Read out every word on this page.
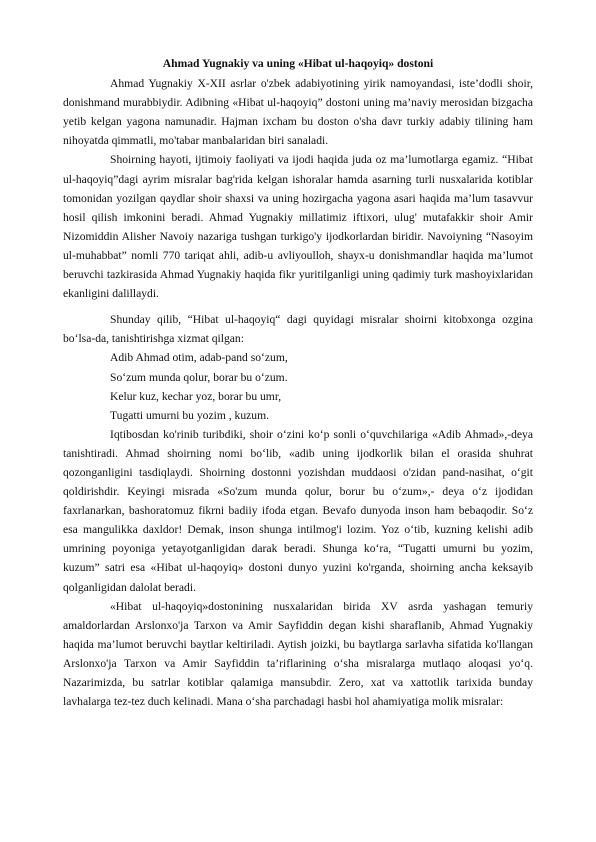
Ahmad Yugnakiy va uning «Hibat ul-haqoyiq» dostoni

Ahmad Yugnakiy X-XII asrlar o'zbek adabiyotining yirik namoyandasi, iste’dodli shoir, donishmand murabbiydir. Adibning «Hibat ul-haqoyiq” dostoni uning ma’naviy merosidan bizgacha yetib kelgan yagona namunadir. Hajman ixcham bu doston o'sha davr turkiy adabiy tilining ham nihoyatda qimmatli, mo'tabar manbalaridan biri sanaladi.

Shoirning hayoti, ijtimoiy faoliyati va ijodi haqida juda oz ma’lumotlarga egamiz. “Hibat ul-haqoyiq”dagi ayrim misralar bag'rida kelgan ishoralar hamda asarning turli nusxalarida kotiblar tomonidan yozilgan qaydlar shoir shaxsi va uning hozirgacha yagona asari haqida ma’lum tasavvur hosil qilish imkonini beradi. Ahmad Yugnakiy millatimiz iftixori, ulug' mutafakkir shoir Amir Nizomiddin Alisher Navoiy nazariga tushgan turkigo'y ijodkorlardan biridir. Navoiyning “Nasoyim ul-muhabbat” nomli 770 tariqat ahli, adib-u avliyoulloh, shayx-u donishmandlar haqida ma’lumot beruvchi tazkirasida Ahmad Yugnakiy haqida fikr yuritilganligi uning qadimiy turk mashoyixlaridan ekanligini dalillaydi.

Shunday qilib, “Hibat ul-haqoyiq“ dagi quyidagi misralar shoirni kitobxonga ozgina bo‘lsa-da, tanishtirishga xizmat qilgan:

Adib Ahmad otim, adab-pand so‘zum,

So‘zum munda qolur, borar bu o‘zum.

Kelur kuz, kechar yoz, borar bu umr,

Tugatti umurni bu yozim , kuzum.

Iqtibosdan ko'rinib turibdiki, shoir o‘zini ko‘p sonli o‘quvchilariga «Adib Ahmad»,-deya tanishtiradi. Ahmad shoirning nomi bo‘lib, «adib uning ijodkorlik bilan el orasida shuhrat qozonganligini tasdiqlaydi. Shoirning dostonni yozishdan muddaosi o'zidan pand-nasihat, o‘git qoldirishdir. Keyingi misrada «So'zum munda qolur, borur bu o‘zum»,- deya o‘z ijodidan faxrlanarkan, bashoratomuz fikrni badiiy ifoda etgan. Bevafo dunyoda inson ham bebaqodir. So‘z esa mangulikka daxldor! Demak, inson shunga intilmog'i lozim. Yoz o‘tib, kuzning kelishi adib umrining poyoniga yetayotganligidan darak beradi. Shunga ko‘ra, “Tugatti umurni bu yozim, kuzum” satri esa «Hibat ul-haqoyiq» dostoni dunyo yuzini ko'rganda, shoirning ancha keksayib qolganligidan dalolat beradi.

«Hibat ul-haqoyiq»dostonining nusxalaridan birida XV asrda yashagan temuriy amaldorlardan Arslonxo'ja Tarxon va Amir Sayfiddin degan kishi sharaflanib, Ahmad Yugnakiy haqida ma’lumot beruvchi baytlar keltiriladi. Aytish joizki, bu baytlarga sarlavha sifatida ko'llangan Arslonxo'ja Tarxon va Amir Sayfiddin ta’riflarining o‘sha misralarga mutlaqo aloqasi yo‘q. Nazarimizda, bu satrlar kotiblar qalamiga mansubdir. Zero, xat va xattotlik tarixida bunday lavhalarga tez-tez duch kelinadi. Mana o‘sha parchadagi hasbi hol ahamiyatiga molik misralar:
